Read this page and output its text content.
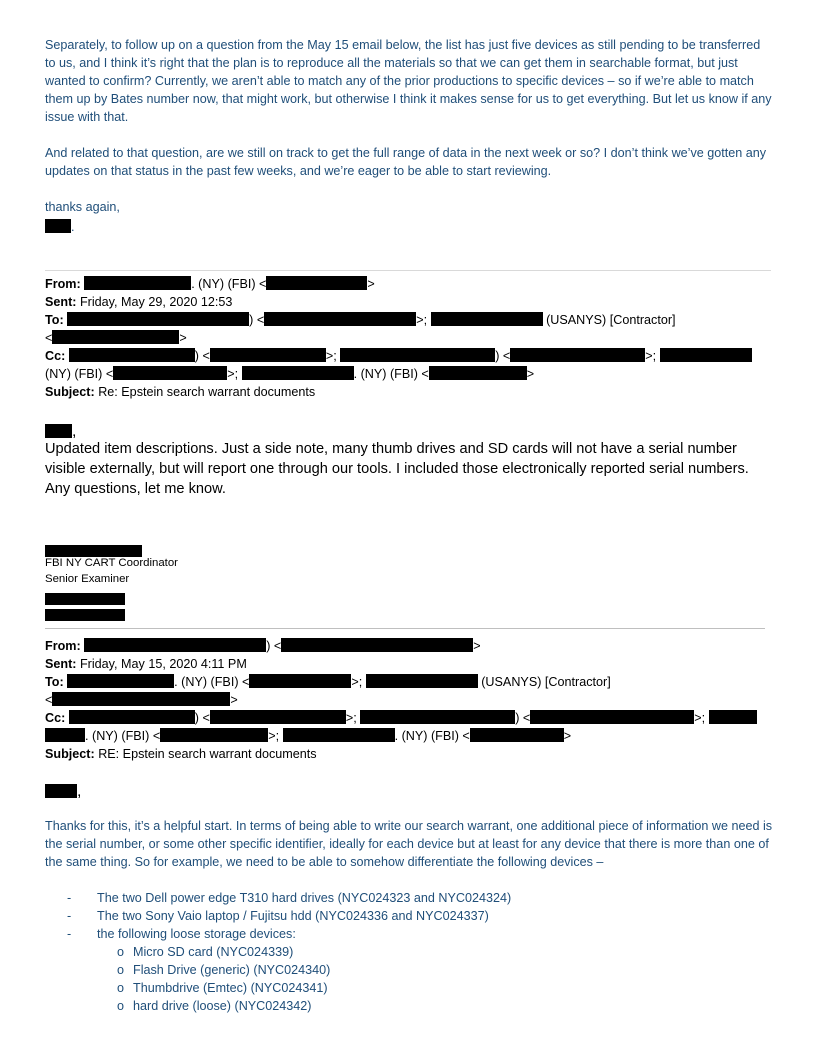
Separately, to follow up on a question from the May 15 email below, the list has just five devices as still pending to be transferred to us, and I think it’s right that the plan is to reproduce all the materials so that we can get them in searchable format, but just wanted to confirm? Currently, we aren’t able to match any of the prior productions to specific devices – so if we’re able to match them up by Bates number now, that might work, but otherwise I think it makes sense for us to get everything. But let us know if any issue with that.

And related to that question, are we still on track to get the full range of data in the next week or so? I don’t think we’ve gotten any updates on that status in the past few weeks, and we’re eager to be able to start reviewing.

thanks again,

.
From:	. (NY) (FBI) <	>
Sent: Friday, May 29, 2020 12:53
To:	) <	>;	(USANYS) [Contractor]
<	>
Cc:	) <	>;	) <	>;
(NY) (FBI) <	>;	. (NY) (FBI) <	>
Subject: Re: Epstein search warrant documents
,

Updated item descriptions. Just a side note, many thumb drives and SD cards will not have a serial number visible externally, but will report one through our tools. I included those electronically reported serial numbers. Any questions, let me know.

FBI NY CART Coordinator
Senior Examiner
From:	) <	>
Sent: Friday, May 15, 2020 4:11 PM
To:	. (NY) (FBI) <	>;	(USANYS) [Contractor]
<	>
Cc:	) <	>;	) <	>;
. (NY) (FBI) <	>;	. (NY) (FBI) <	>
Subject: RE: Epstein search warrant documents
,

Thanks for this, it’s a helpful start. In terms of being able to write our search warrant, one additional piece of information we need is the serial number, or some other specific identifier, ideally for each device but at least for any device that there is more than one of the same thing. So for example, we need to be able to somehow differentiate the following devices –

- The two Dell power edge T310 hard drives (NYC024323 and NYC024324)
- The two Sony Vaio laptop / Fujitsu hdd (NYC024336 and NYC024337)
- the following loose storage devices:
o Micro SD card (NYC024339)
o Flash Drive (generic) (NYC024340)
o Thumbdrive (Emtec) (NYC024341)
o hard drive (loose) (NYC024342)
